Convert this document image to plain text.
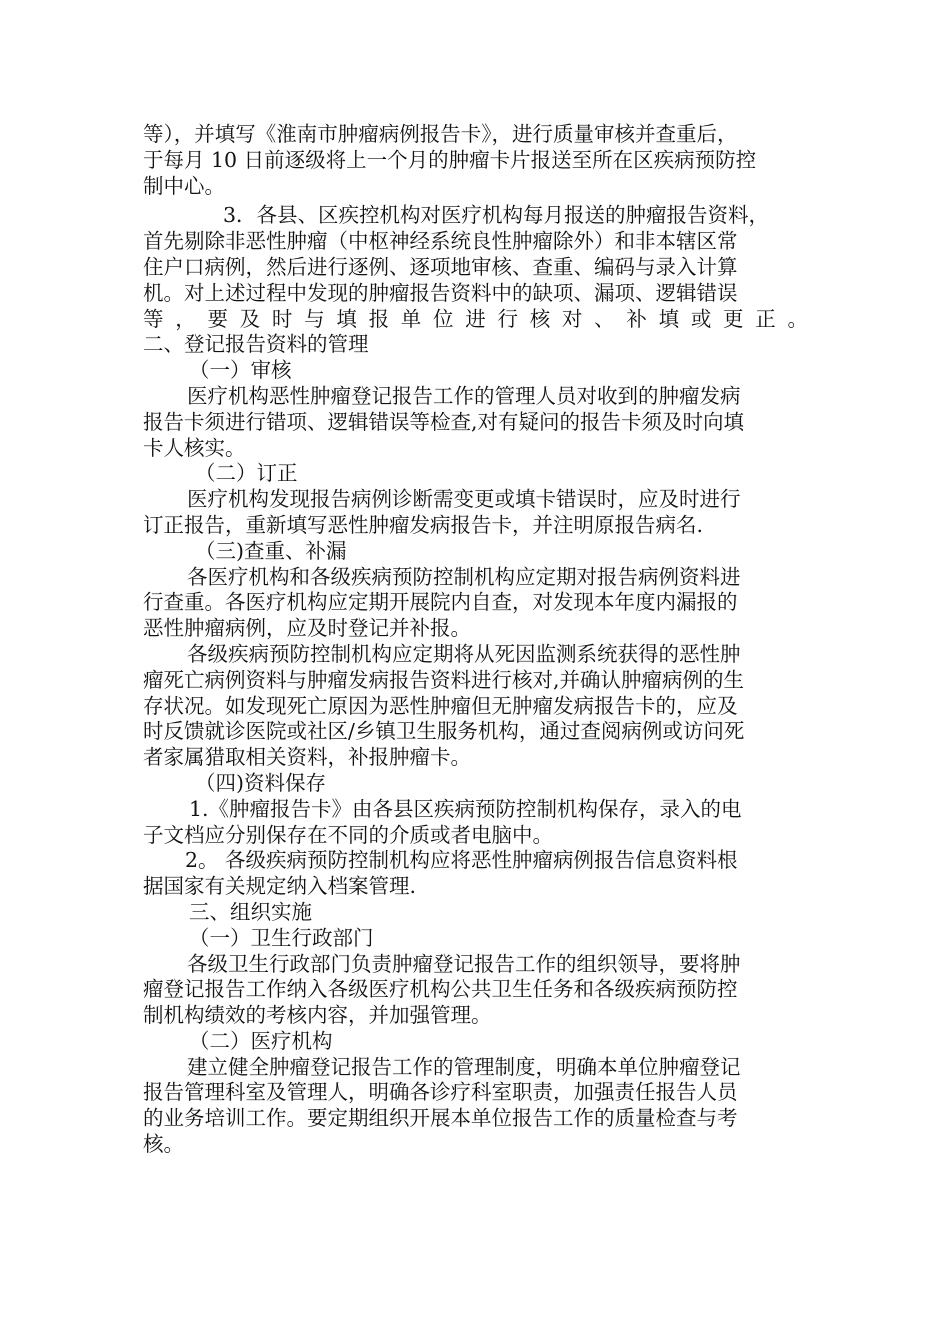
等），并填写《淮南市肿瘤病例报告卡》，进行质量审核并查重后，
于每月 10 日前逐级将上一个月的肿瘤卡片报送至所在区疾病预防控
制中心。
3．各县、区疾控机构对医疗机构每月报送的肿瘤报告资料，
首先剔除非恶性肿瘤（中枢神经系统良性肿瘤除外）和非本辖区常
住户口病例，然后进行逐例、逐项地审核、查重、编码与录入计算
机。对上述过程中发现的肿瘤报告资料中的缺项、漏项、逻辑错误
等，要及时与填报单位进行核对、补填或更正。
二、登记报告资料的管理
（一）审核
医疗机构恶性肿瘤登记报告工作的管理人员对收到的肿瘤发病
报告卡须进行错项、逻辑错误等检查,对有疑问的报告卡须及时向填
卡人核实。
（二）订正
医疗机构发现报告病例诊断需变更或填卡错误时，应及时进行
订正报告，重新填写恶性肿瘤发病报告卡，并注明原报告病名.
（三)查重、补漏
各医疗机构和各级疾病预防控制机构应定期对报告病例资料进
行查重。各医疗机构应定期开展院内自查，对发现本年度内漏报的
恶性肿瘤病例，应及时登记并补报。
各级疾病预防控制机构应定期将从死因监测系统获得的恶性肿
瘤死亡病例资料与肿瘤发病报告资料进行核对,并确认肿瘤病例的生
存状况。如发现死亡原因为恶性肿瘤但无肿瘤发病报告卡的，应及
时反馈就诊医院或社区/乡镇卫生服务机构，通过查阅病例或访问死
者家属猎取相关资料，补报肿瘤卡。
（四)资料保存
1.《肿瘤报告卡》由各县区疾病预防控制机构保存，录入的电
子文档应分别保存在不同的介质或者电脑中。
2。 各级疾病预防控制机构应将恶性肿瘤病例报告信息资料根
据国家有关规定纳入档案管理.
三、组织实施
（一）卫生行政部门
各级卫生行政部门负责肿瘤登记报告工作的组织领导，要将肿
瘤登记报告工作纳入各级医疗机构公共卫生任务和各级疾病预防控
制机构绩效的考核内容，并加强管理。
（二）医疗机构
建立健全肿瘤登记报告工作的管理制度，明确本单位肿瘤登记
报告管理科室及管理人，明确各诊疗科室职责，加强责任报告人员
的业务培训工作。要定期组织开展本单位报告工作的质量检查与考
核。
